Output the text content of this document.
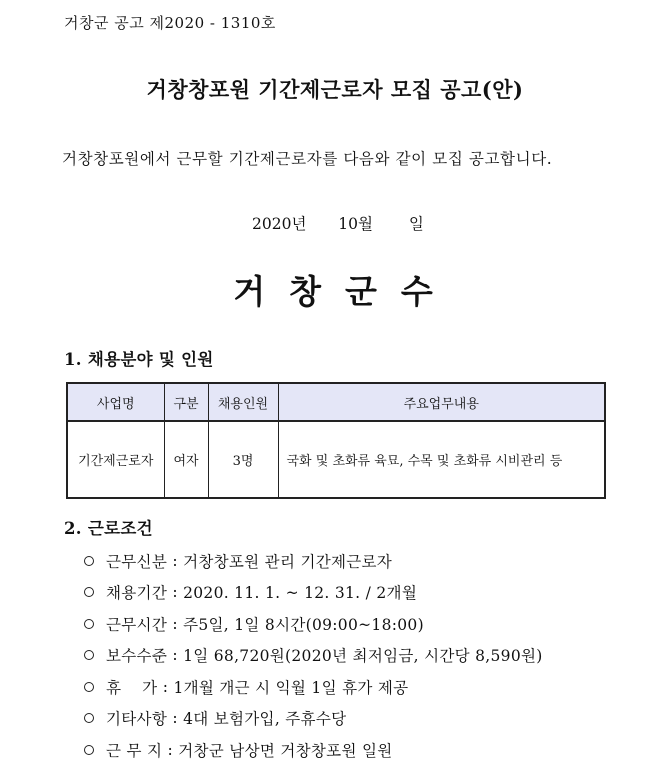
거창군 공고 제2020 - 1310호
거창창포원 기간제근로자 모집 공고(안)
거창창포원에서 근무할 기간제근로자를 다음와 같이 모집 공고합니다.
2020년 10월 일
거창군수
1. 채용분야 및 인원
사업명	구분	채용인원	주요업무내용
기간제근로자	여자	3명	국화 및 초화류 육묘, 수목 및 초화류 시비관리 등
2. 근로조건
근무신분 : 거창창포원 관리 기간제근로자
채용기간 : 2020. 11. 1. ~ 12. 31. / 2개월
근무시간 : 주5일, 1일 8시간(09:00~18:00)
보수수준 : 1일 68,720원(2020년 최저임금, 시간당 8,590원)
휴    가 : 1개월 개근 시 익월 1일 휴가 제공
기타사항 : 4대 보험가입, 주휴수당
근 무 지 : 거창군 남상면 거창창포원 일원
